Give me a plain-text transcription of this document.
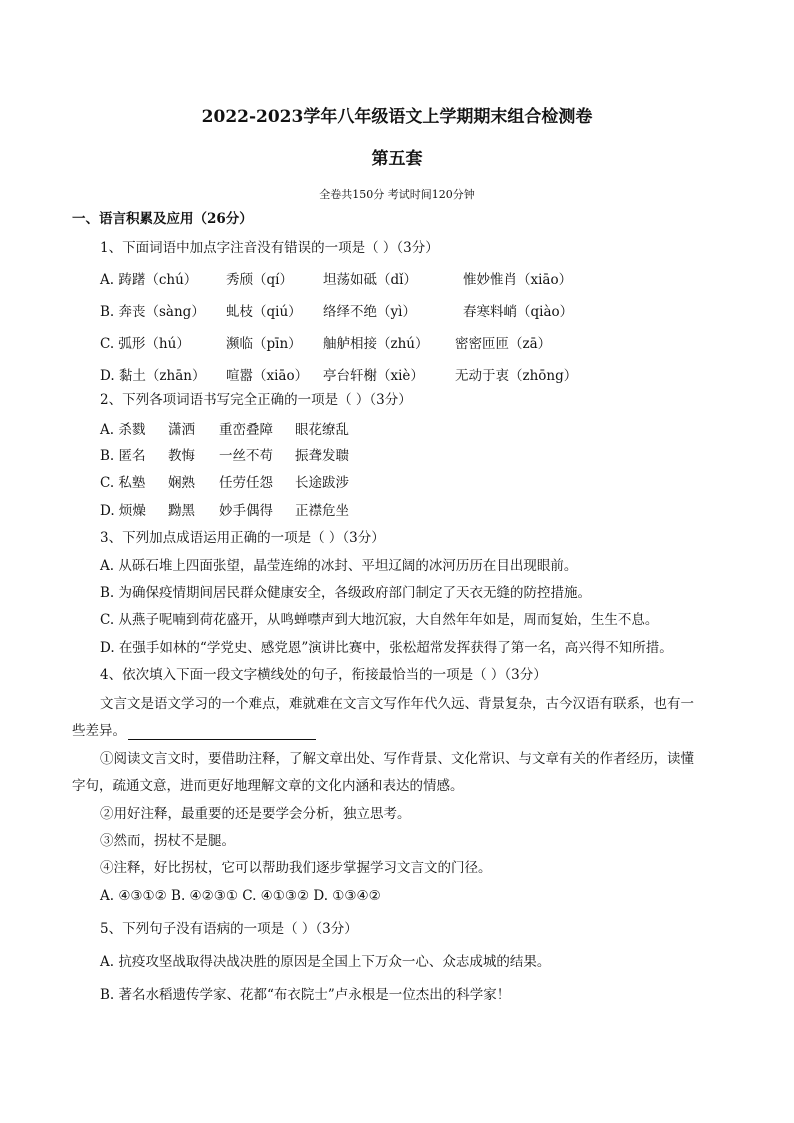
2022-2023学年八年级语文上学期期末组合检测卷
第五套
全卷共150分 考试时间120分钟
一、语言积累及应用（26分）
1、下面词语中加点字注音没有错误的一项是（ ）（3分）
A. 踌躇（chú） 秀颀（qí） 坦荡如砥（dǐ）	惟妙惟肖（xiāo）
B. 奔丧（sàng） 虬枝（qiú） 络绎不绝（yì）	春寒料峭（qiào）
C. 弧形（hú）	濒临（pīn） 舳舻相接（zhú） 密密匝匝（zā）
D. 黏土（zhān） 喧嚣（xiāo） 亭台轩榭（xiè） 无动于衷（zhōng）
2、下列各项词语书写完全正确的一项是（ ）（3分）
A. 杀戮 潇洒 重峦叠障 眼花缭乱
B. 匿名 教悔 一丝不苟 振聋发聩
C. 私塾 娴熟 任劳任怨 长途跋涉
D. 烦燥 黝黑 妙手偶得 正襟危坐
3、下列加点成语运用正确的一项是（ ）（3分）
A. 从砾石堆上四面张望，晶莹连绵的冰封、平坦辽阔的冰河历历在目出现眼前。
B. 为确保疫情期间居民群众健康安全，各级政府部门制定了天衣无缝的防控措施。
C. 从燕子呢喃到荷花盛开，从鸣蝉噤声到大地沉寂，大自然年年如是，周而复始，生生不息。
D. 在强手如林的“学党史、感党恩”演讲比赛中，张松超常发挥获得了第一名，高兴得不知所措。
4、依次填入下面一段文字横线处的句子，衔接最恰当的一项是（ ）（3分）
文言文是语文学习的一个难点，难就难在文言文写作年代久远、背景复杂，古今汉语有联系，也有一
些差异。
①阅读文言文时，要借助注释，了解文章出处、写作背景、文化常识、与文章有关的作者经历，读懂
字句，疏通文意，进而更好地理解文章的文化内涵和表达的情感。
②用好注释，最重要的还是要学会分析，独立思考。
③然而，拐杖不是腿。
④注释，好比拐杖，它可以帮助我们逐步掌握学习文言文的门径。
A. ④③①② B. ④②③① C. ④①③② D. ①③④②
5、下列句子没有语病的一项是（ ）（3分）
A. 抗疫攻坚战取得决战决胜的原因是全国上下万众一心、众志成城的结果。
B. 著名水稻遗传学家、花都“布衣院士”卢永根是一位杰出的科学家！
